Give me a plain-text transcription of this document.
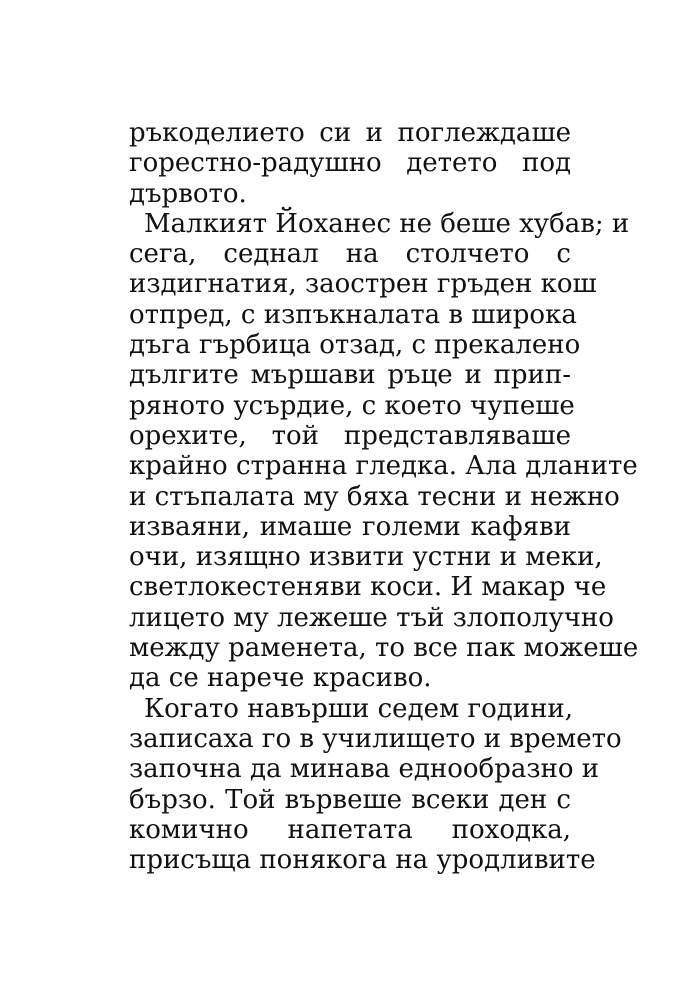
ръкоделието си и поглеждаше
горестно-радушно детето под
дървото.
Малкият Йоханес не беше хубав; и
сега, седнал на столчето с
издигнатия, заострен гръден кош
отпред, с изпъкналата в широка
дъга гърбица отзад, с прекалено
дългите мършави ръце и прип-
ряното усърдие, с което чупеше
орехите, той представляваше
крайно странна гледка. Ала дланите
и стъпалата му бяха тесни и нежно
изваяни, имаше големи кафяви
очи, изящно извити устни и меки,
светлокестеняви коси. И макар че
лицето му лежеше тъй злополучно
между раменета, то все пак можеше
да се нарече красиво.
Когато навърши седем години,
записаха го в училището и времето
започна да минава еднообразно и
бързо. Той вървеше всеки ден с
комично напетата походка,
присъща понякога на уродливите
